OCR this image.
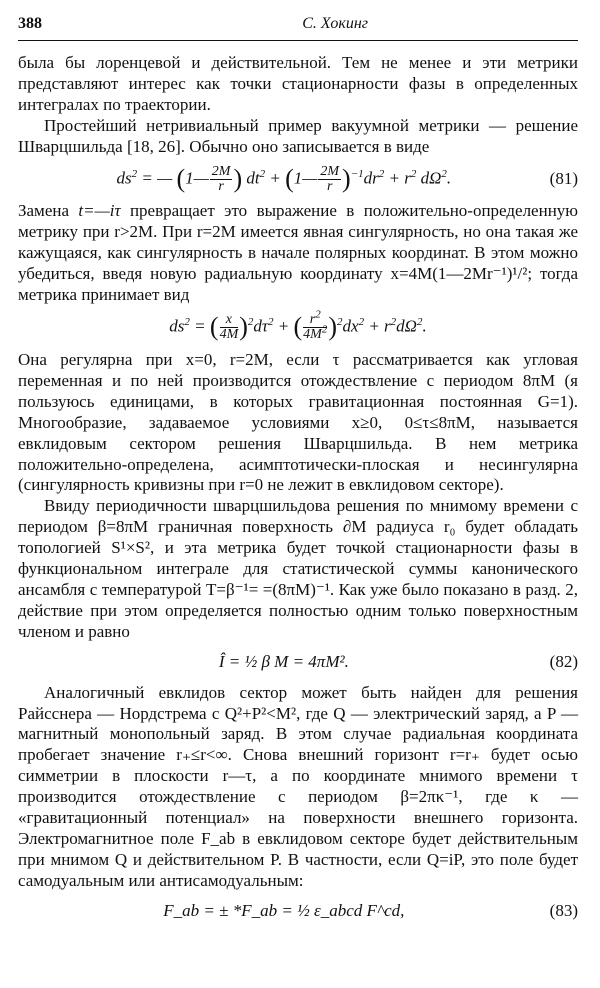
388	С. Хокинг

была бы лоренцевой и действительной. Тем не менее и эти метрики представляют интерес как точки стационарности фазы в определенных интегралах по траектории.

Простейший нетривиальный пример вакуумной метрики — решение Шварцшильда [18, 26]. Обычно оно записывается в виде

$ds^2$ = — (1— $\frac{2M}{r}$ ) $dt^2$ + (1— $\frac{2M}{r} )^{-1}dr^2 + r^2$ $d\Omega^2$.	(81)

Замена t=—iτ превращает это выражение в положительно-определенную метрику при r>2M. При r=2M имеется явная сингулярность, но она такая же кажущаяся, как сингулярность в начале полярных координат. В этом можно убедиться, введя новую радиальную координату x=4M(1—2Mr⁻¹)¹/²; тогда метрика принимает вид

$ds^2$ = ( $\frac{x}{4M} )^2d\tau^2$ + ( $\frac{r^2}{4M^2} )^2dx^2 + r^2d\Omega^2$.

Она регулярна при x=0, r=2M, если τ рассматривается как угловая переменная и по ней производится отождествление с периодом 8πM (я пользуюсь единицами, в которых гравитационная постоянная G=1). Многообразие, задаваемое условиями x≥0, 0≤τ≤8πM, называется евклидовым сектором решения Шварцшильда. В нем метрика положительно-определена, асимптотически-плоская и несингулярна (сингулярность кривизны при r=0 не лежит в евклидовом секторе).

Ввиду периодичности шварцшильдова решения по мнимому времени с периодом β=8πM граничная поверхность ∂M радиуса r₀ будет обладать топологией S¹×S², и эта метрика будет точкой стационарности фазы в функциональном интеграле для статистической суммы канонического ансамбля с температурой T=β⁻¹= =(8πM)⁻¹. Как уже было показано в разд. 2, действие при этом определяется полностью одним только поверхностным членом и равно

Î = ½ β M = 4πM².	(82)

Аналогичный евклидов сектор может быть найден для решения Райсснера — Нордстрема с Q²+P²<M², где Q — электрический заряд, а P — магнитный монопольный заряд. В этом случае радиальная координата пробегает значение r₊≤r<∞. Снова внешний горизонт r=r₊ будет осью симметрии в плоскости r—τ, а по координате мнимого времени τ производится отождествление с периодом β=2πκ⁻¹, где κ — «гравитационный потенциал» на поверхности внешнего горизонта. Электромагнитное поле F_ab в евклидовом секторе будет действительным при мнимом Q и действительном P. В частности, если Q=iP, это поле будет самодуальным или антисамодуальным:

F_ab = ± *F_ab = ½ ε_abcd F^cd,	(83)
